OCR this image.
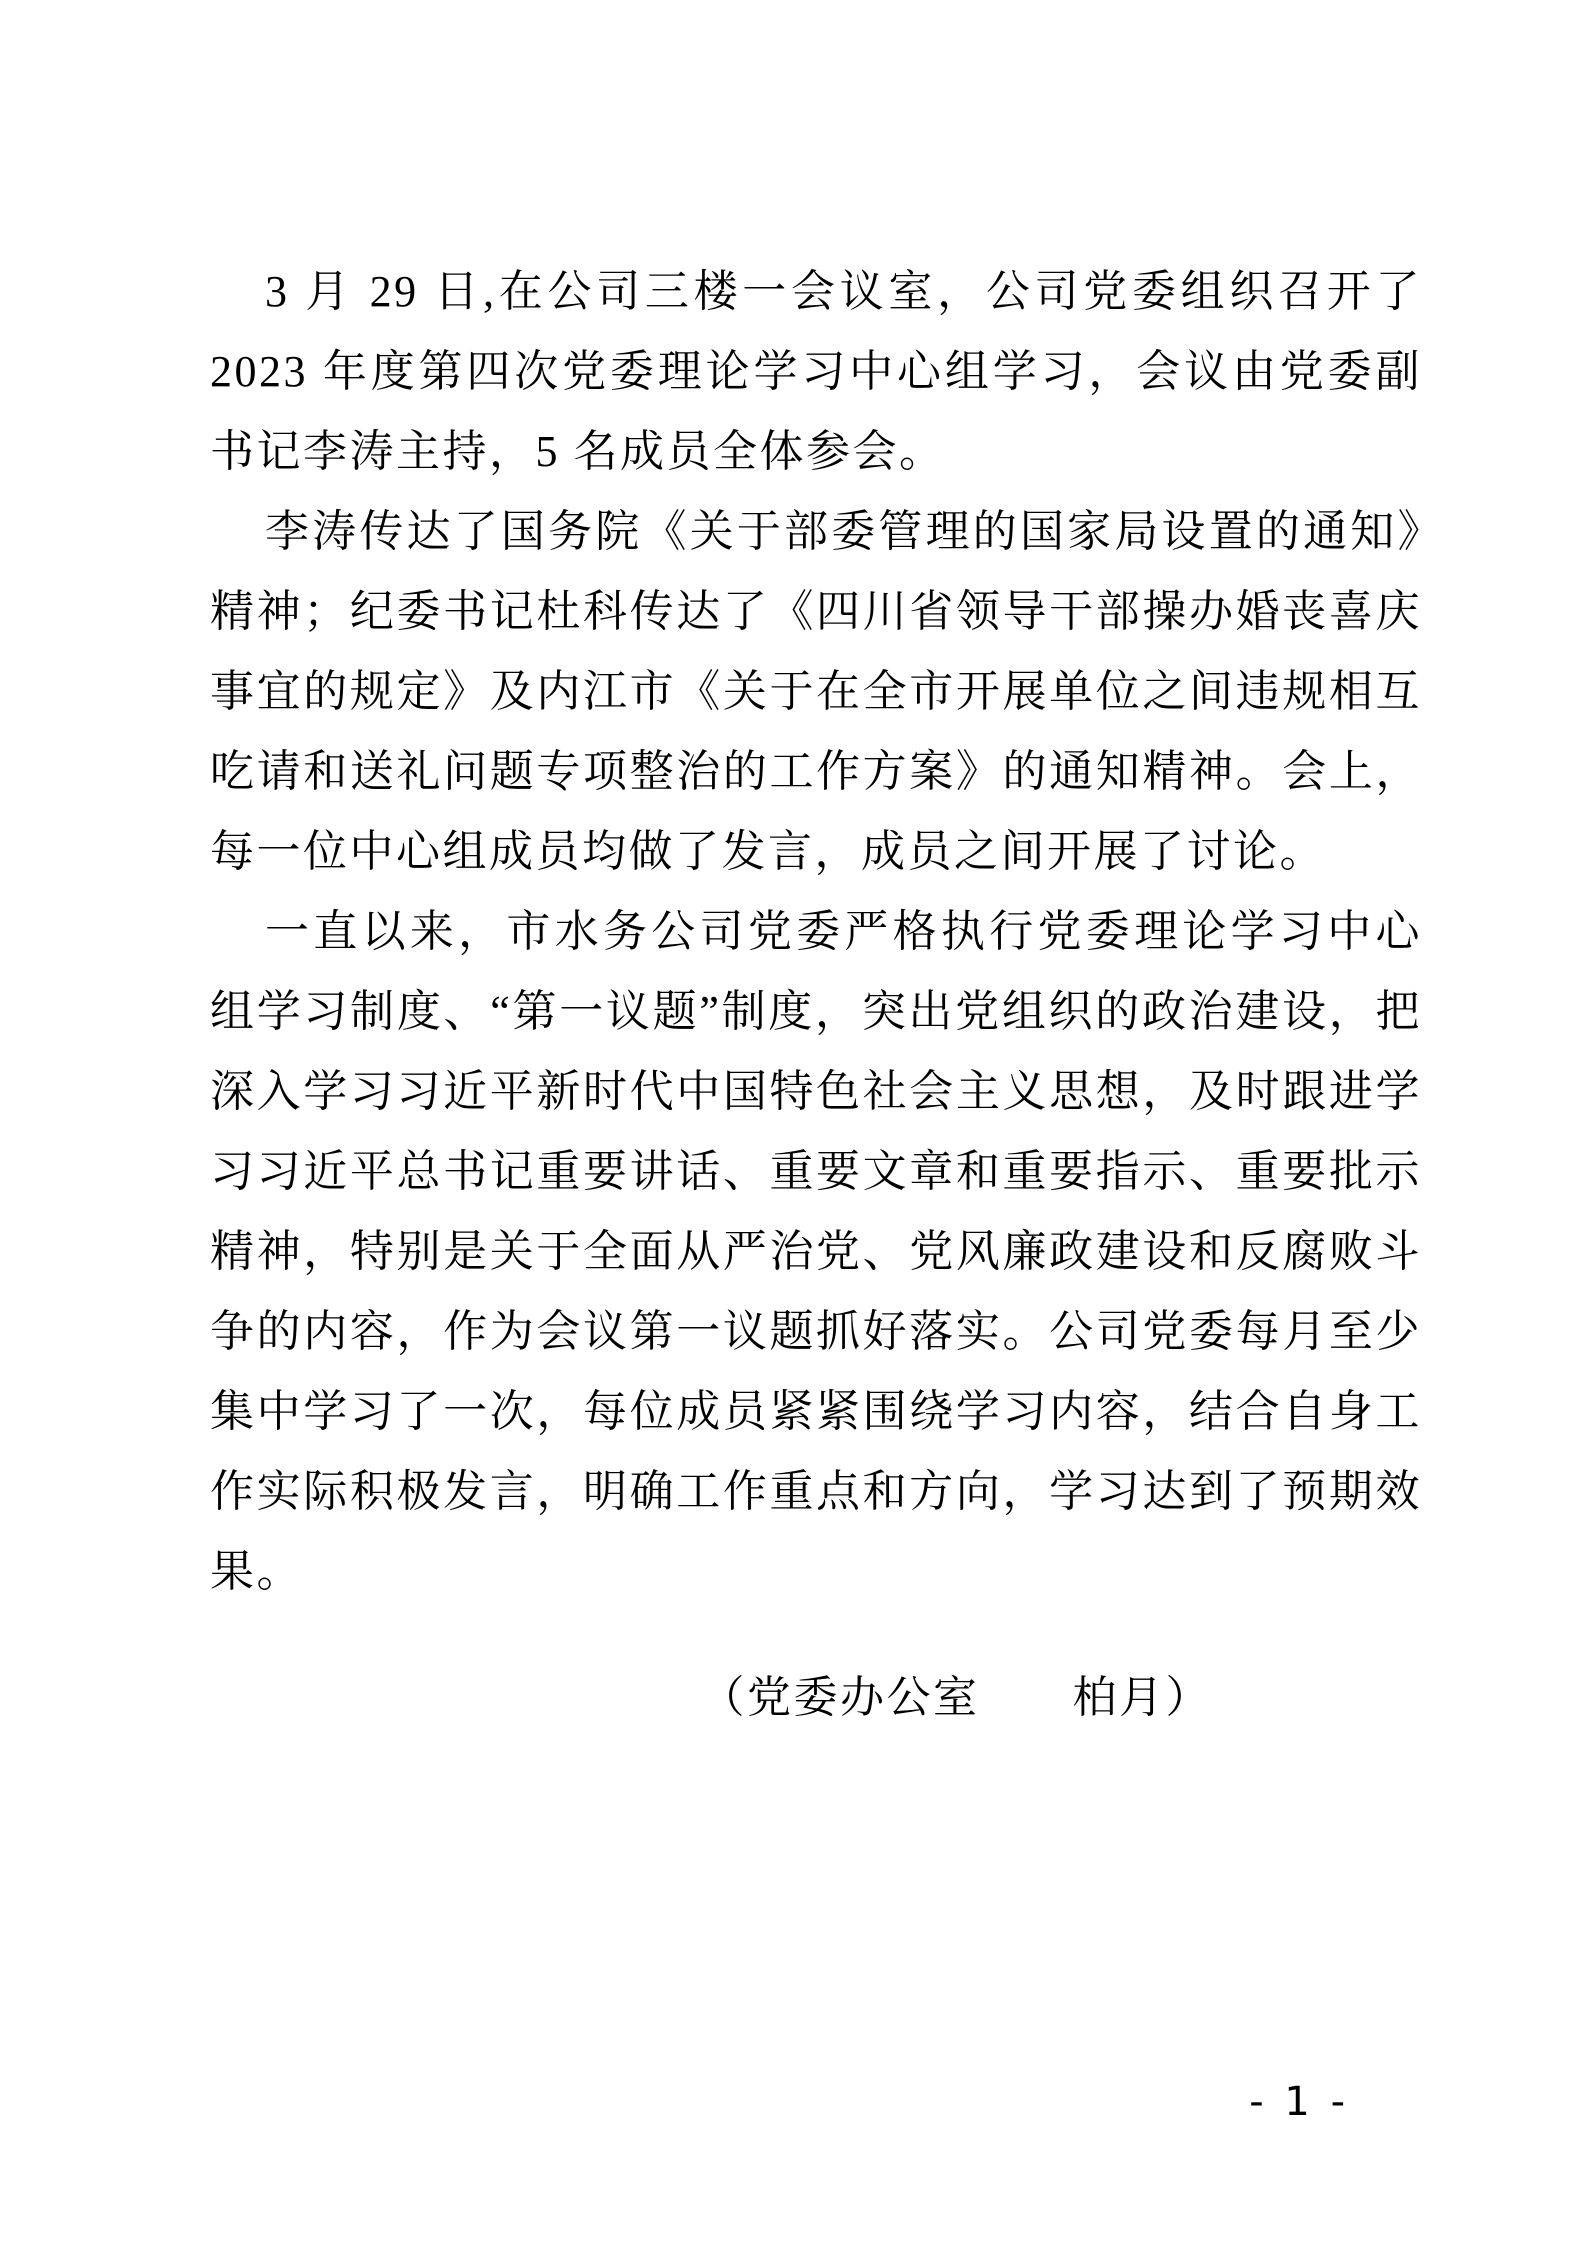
3 月 29 日,在公司三楼一会议室，公司党委组织召开了 2023 年度第四次党委理论学习中心组学习，会议由党委副书记李涛主持，5 名成员全体参会。

李涛传达了国务院《关于部委管理的国家局设置的通知》精神；纪委书记杜科传达了《四川省领导干部操办婚丧喜庆事宜的规定》及内江市《关于在全市开展单位之间违规相互吃请和送礼问题专项整治的工作方案》的通知精神。会上，每一位中心组成员均做了发言，成员之间开展了讨论。

一直以来，市水务公司党委严格执行党委理论学习中心组学习制度、“第一议题”制度，突出党组织的政治建设，把深入学习习近平新时代中国特色社会主义思想，及时跟进学习习近平总书记重要讲话、重要文章和重要指示、重要批示精神，特别是关于全面从严治党、党风廉政建设和反腐败斗争的内容，作为会议第一议题抓好落实。公司党委每月至少集中学习了一次，每位成员紧紧围绕学习内容，结合自身工作实际积极发言，明确工作重点和方向，学习达到了预期效果。

（党委办公室　　柏月）

- 1 -
